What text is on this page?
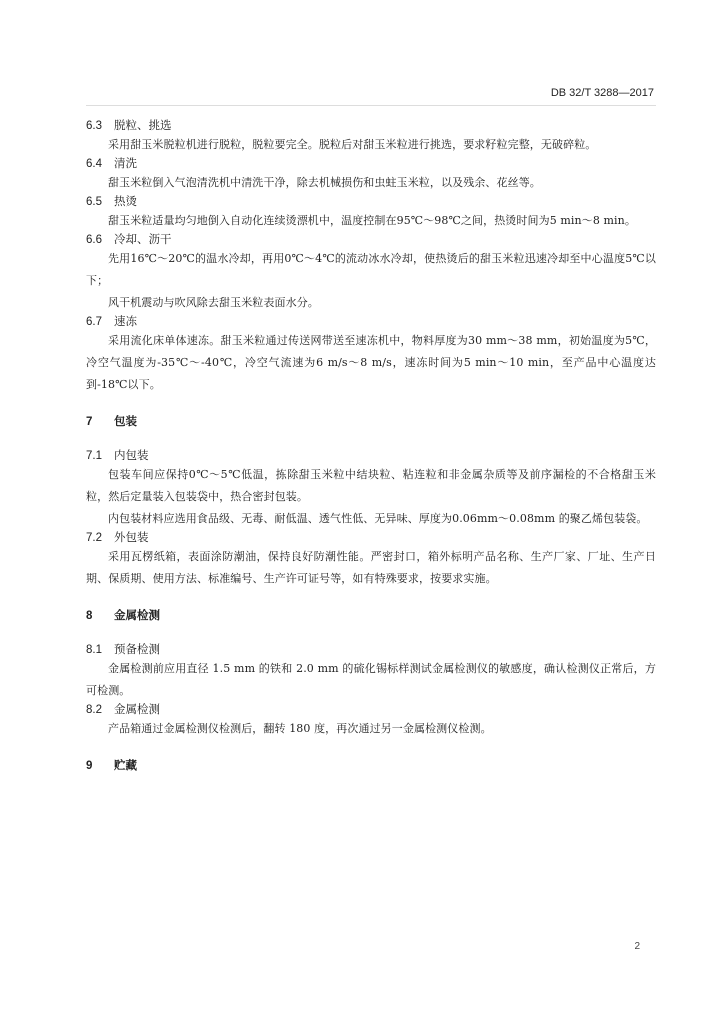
DB 32/T 3288—2017
6.3 脱粒、挑选

采用甜玉米脱粒机进行脱粒，脱粒要完全。脱粒后对甜玉米粒进行挑选，要求籽粒完整，无破碎粒。

6.4 清洗

甜玉米粒倒入气泡清洗机中清洗干净，除去机械损伤和虫蛀玉米粒，以及残余、花丝等。

6.5 热烫

甜玉米粒适量均匀地倒入自动化连续烫漂机中，温度控制在95℃～98℃之间，热烫时间为5 min～8 min。

6.6 冷却、沥干

先用16℃～20℃的温水冷却，再用0℃～4℃的流动冰水冷却，使热烫后的甜玉米粒迅速冷却至中心温度5℃以下；

风干机震动与吹风除去甜玉米粒表面水分。

6.7 速冻

采用流化床单体速冻。甜玉米粒通过传送网带送至速冻机中，物料厚度为30 mm～38 mm，初始温度为5℃，冷空气温度为-35℃～-40℃，冷空气流速为6 m/s～8 m/s，速冻时间为5 min～10 min，至产品中心温度达到-18℃以下。

7 包装
7.1 内包装

包装车间应保持0℃～5℃低温，拣除甜玉米粒中结块粒、粘连粒和非金属杂质等及前序漏检的不合格甜玉米粒，然后定量装入包装袋中，热合密封包装。

内包装材料应选用食品级、无毒、耐低温、透气性低、无异味、厚度为0.06mm～0.08mm 的聚乙烯包装袋。

7.2 外包装

采用瓦楞纸箱，表面涂防潮油，保持良好防潮性能。严密封口，箱外标明产品名称、生产厂家、厂址、生产日期、保质期、使用方法、标准编号、生产许可证号等，如有特殊要求，按要求实施。

8 金属检测
8.1 预备检测

金属检测前应用直径 1.5 mm 的铁和 2.0 mm 的硫化锡标样测试金属检测仪的敏感度，确认检测仪正常后，方可检测。

8.2 金属检测

产品箱通过金属检测仪检测后，翻转 180 度，再次通过另一金属检测仪检测。

9 贮藏
2
